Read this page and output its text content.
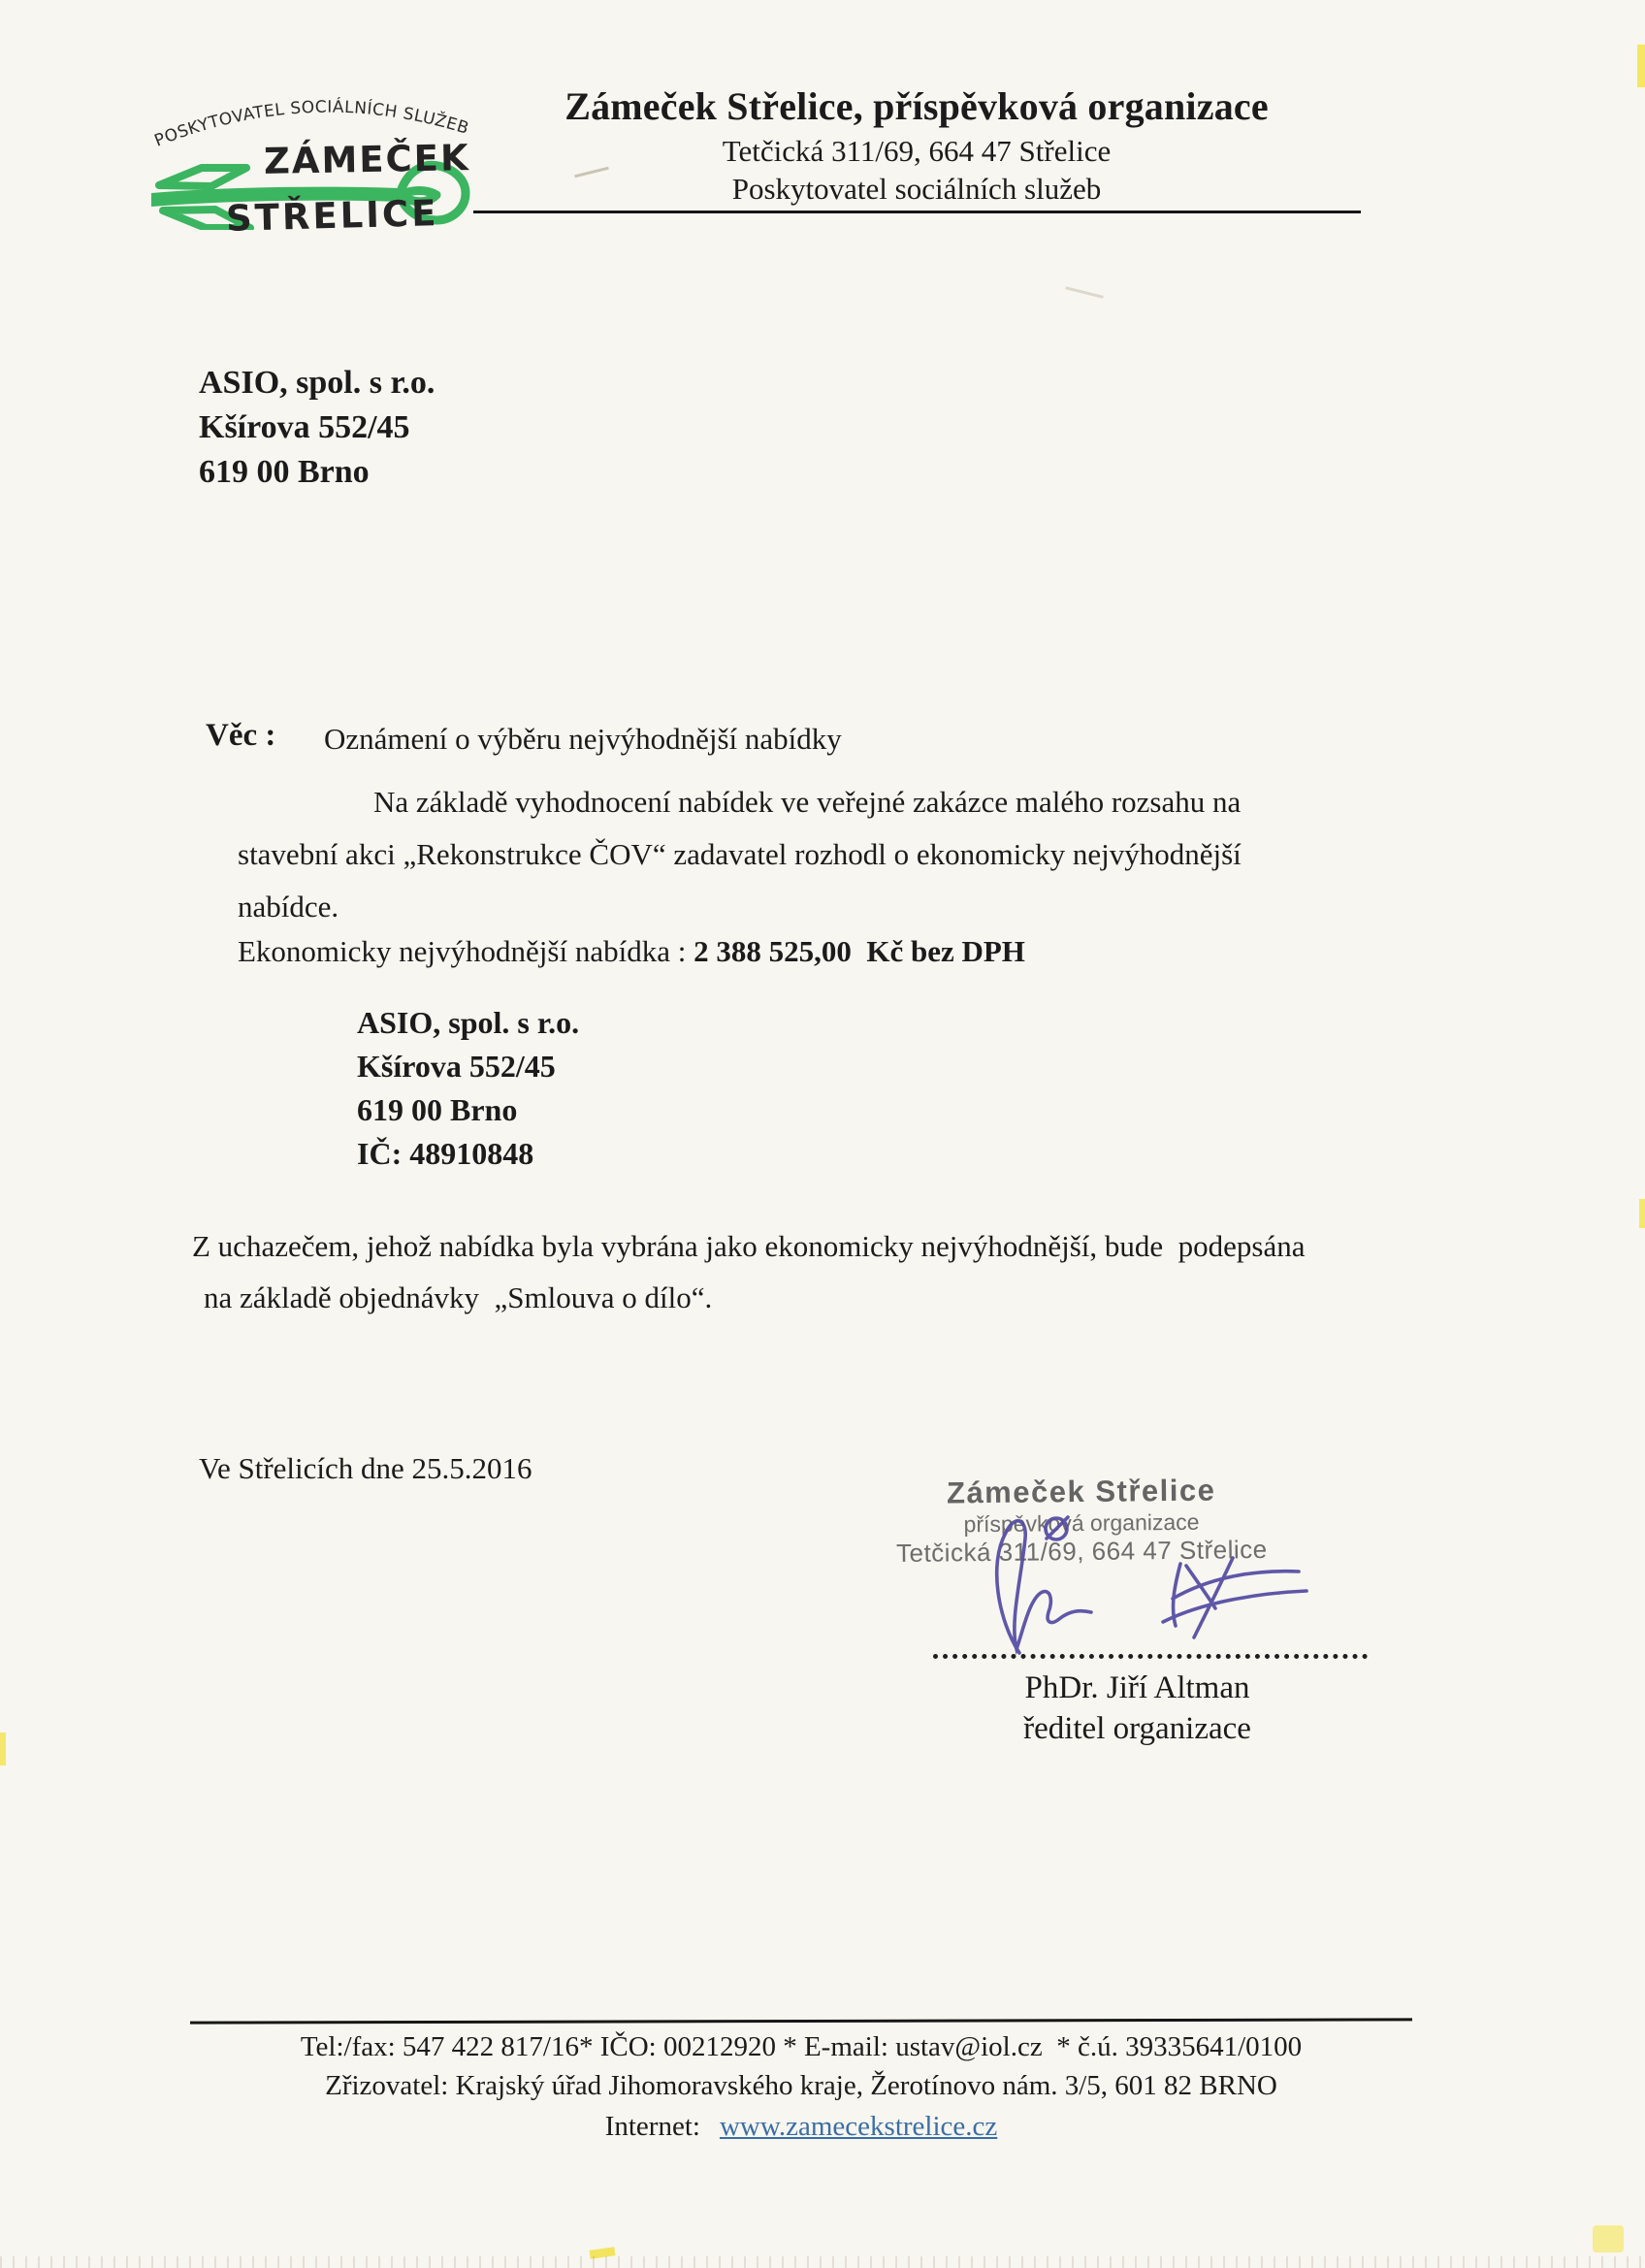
POSKYTOVATEL SOCIÁLNÍCH SLUŽEB
ZÁMEČEK
STŘELICE
Zámeček Střelice, příspěvková organizace
Tetčická 311/69, 664 47 Střelice
Poskytovatel sociálních služeb
ASIO, spol. s r.o.
Kšírova 552/45
619 00 Brno
Věc : Oznámení o výběru nejvýhodnější nabídky
Na základě vyhodnocení nabídek ve veřejné zakázce malého rozsahu na
stavební akci „Rekonstrukce ČOV“ zadavatel rozhodl o ekonomicky nejvýhodnější
nabídce.
Ekonomicky nejvýhodnější nabídka : 2 388 525,00  Kč bez DPH
ASIO, spol. s r.o.
Kšírova 552/45
619 00 Brno
IČ: 48910848
Z uchazečem, jehož nabídka byla vybrána jako ekonomicky nejvýhodnější, bude  podepsána
na základě objednávky  „Smlouva o dílo“.
Ve Střelicích dne 25.5.2016
Zámeček Střelice
příspěvková organizace
Tetčická 311/69, 664 47 Střelice
PhDr. Jiří Altman
ředitel organizace
Tel:/fax: 547 422 817/16* IČO: 00212920 * E-mail: ustav@iol.cz  * č.ú. 39335641/0100
Zřizovatel: Krajský úřad Jihomoravského kraje, Žerotínovo nám. 3/5, 601 82 BRNO
Internet: www.zamecekstrelice.cz
